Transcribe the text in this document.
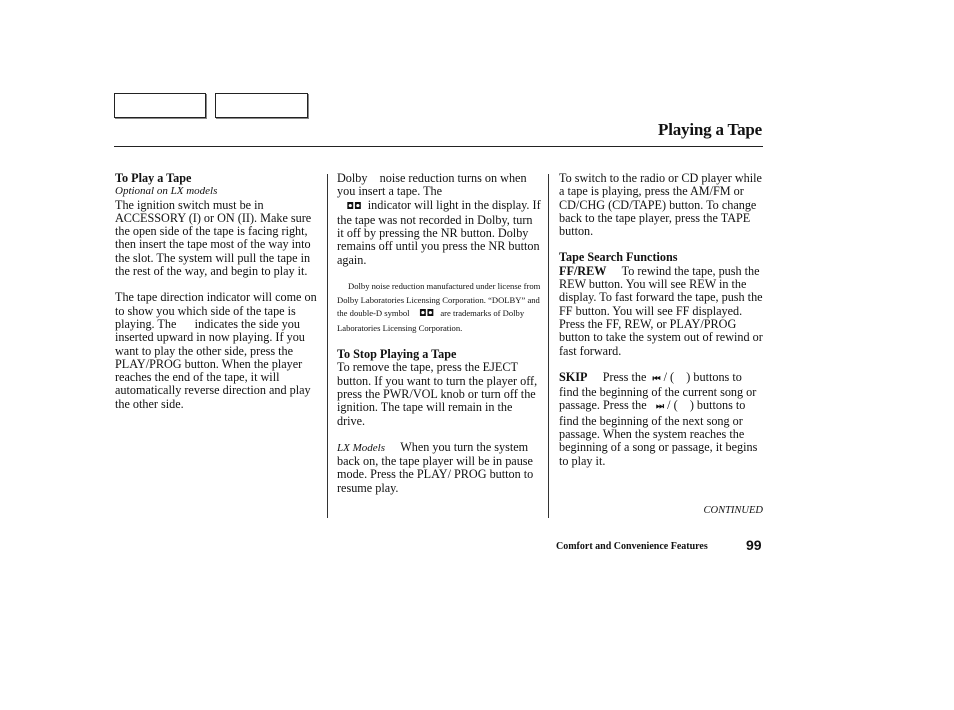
Playing a Tape

To Play a Tape

Optional on LX models

The ignition switch must be in ACCESSORY (I) or ON (II). Make sure the open side of the tape is facing right, then insert the tape most of the way into the slot. The system will pull the tape in the rest of the way, and begin to play it.

The tape direction indicator will come on to show you which side of the tape is playing. The      indicates the side you inserted upward in now playing. If you want to play the other side, press the PLAY/PROG button. When the player reaches the end of the tape, it will automatically reverse direction and play the other side.

Dolby    noise reduction turns on when you insert a tape. The

◘◘  indicator will light in the display. If the tape was not recorded in Dolby, turn it off by pressing the NR button. Dolby remains off until you press the NR button again.

Dolby noise reduction manufactured under license from Dolby Laboratories Licensing Corporation. “DOLBY” and the double-D symbol   ◘◘  are trademarks of Dolby Laboratories Licensing Corporation.

To Stop Playing a Tape

To remove the tape, press the EJECT button. If you want to turn the player off, press the PWR/VOL knob or turn off the ignition. The tape will remain in the drive.

LX Models When you turn the system back on, the tape player will be in pause mode. Press the PLAY/ PROG button to resume play.

To switch to the radio or CD player while a tape is playing, press the AM/FM or CD/CHG (CD/TAPE) button. To change back to the tape player, press the TAPE button.

Tape Search Functions

FF/REW To rewind the tape, push the REW button. You will see REW in the display. To fast forward the tape, push the FF button. You will see FF displayed. Press the FF, REW, or PLAY/PROG button to take the system out of rewind or fast forward.

SKIP Press the ⏮ / (    ) buttons to find the beginning of the current song or passage. Press the   ⏭ / (    ) buttons to find the beginning of the next song or passage. When the system reaches the beginning of a song or passage, it begins to play it.

CONTINUED
Comfort and Convenience Features	99
